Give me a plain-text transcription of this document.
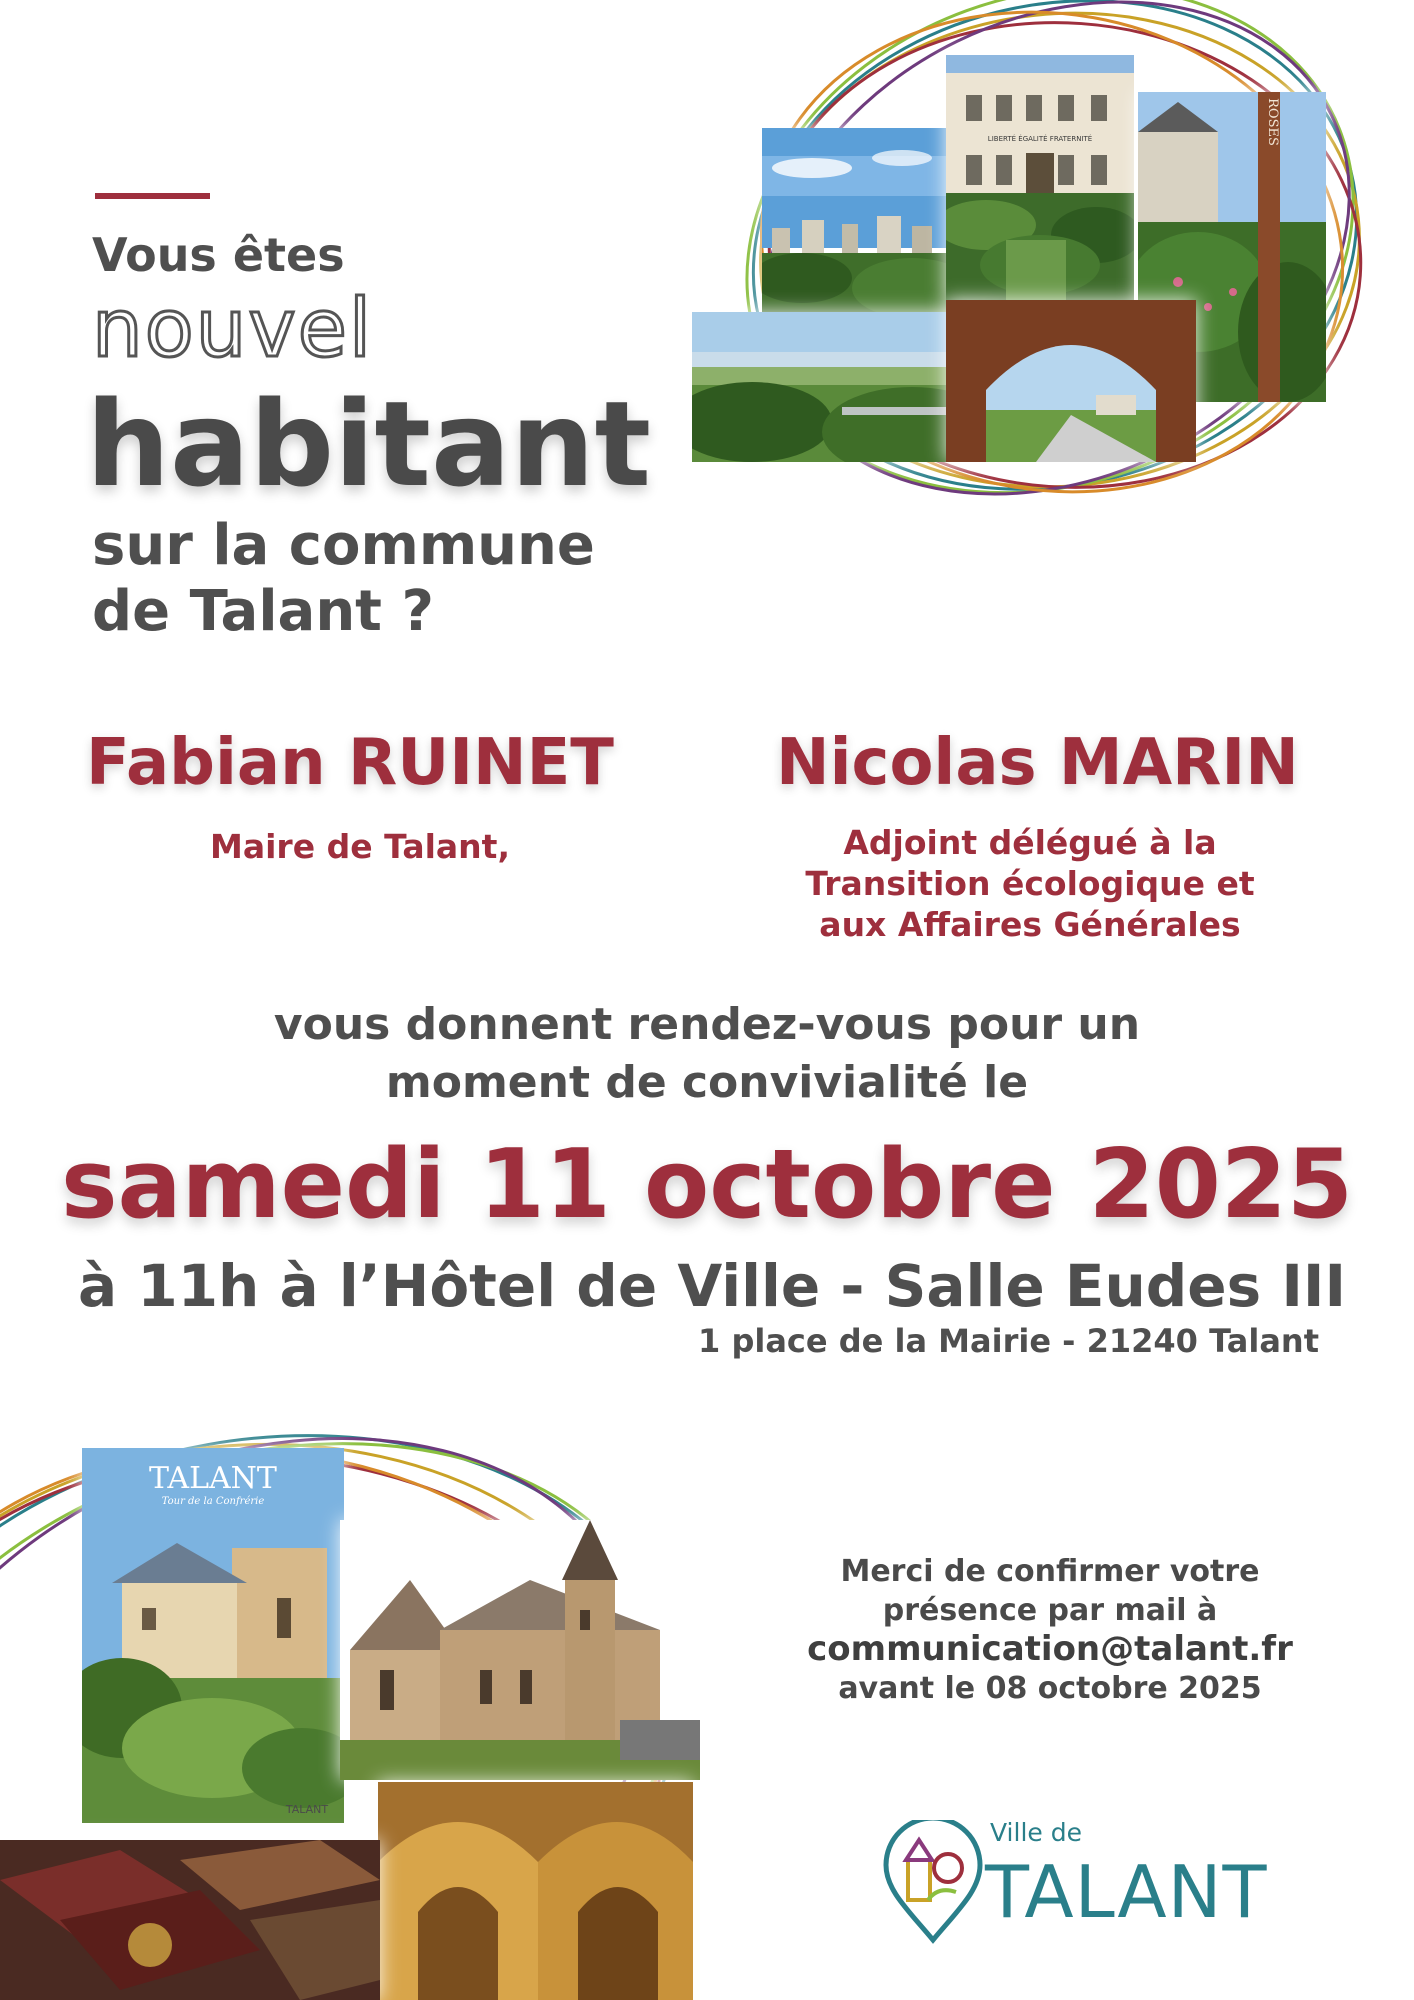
LIBERTÉ ÉGALITÉ FRATERNITÉ	ROSES
Vous êtes
nouvel
habitant
sur la commune
de Talant ?
Fabian RUINET
Maire de Talant,
Nicolas MARIN
Adjoint délégué à la
Transition écologique et
aux Affaires Générales
vous donnent rendez-vous pour un
moment de convivialité le
samedi 11 octobre 2025
à 11h à l’Hôtel de Ville - Salle Eudes III
1 place de la Mairie - 21240 Talant
TALANT
Tour de la Confrérie
TALANT
Merci de confirmer votre
présence par mail à
communication@talant.fr
avant le 08 octobre 2025
Ville de
TALANT
